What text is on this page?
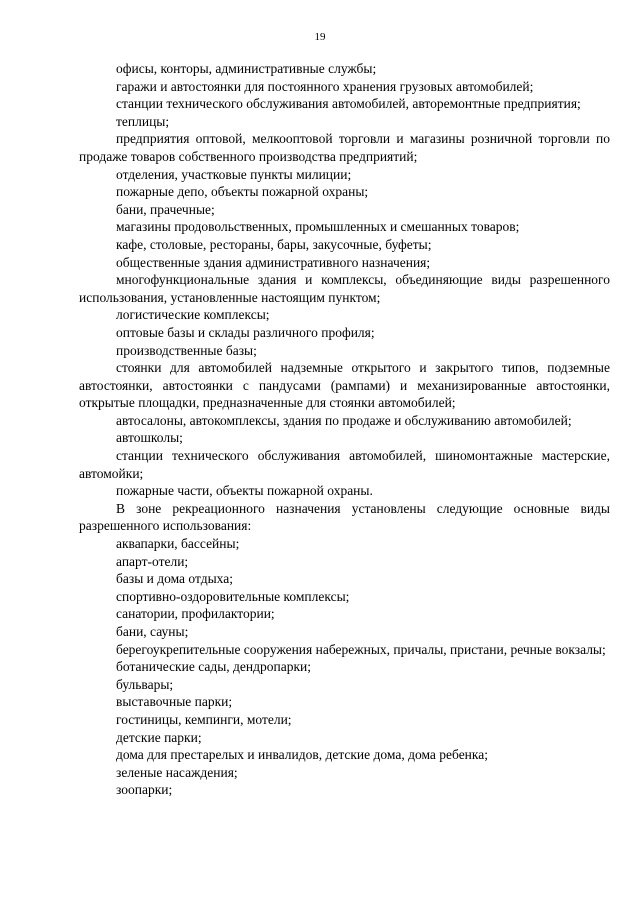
19

офисы, конторы, административные службы;

гаражи и автостоянки для постоянного хранения грузовых автомобилей;

станции технического обслуживания автомобилей, авторемонтные предприятия;

теплицы;

предприятия оптовой, мелкооптовой торговли и магазины розничной торговли по продаже товаров собственного производства предприятий;

отделения, участковые пункты милиции;

пожарные депо, объекты пожарной охраны;

бани, прачечные;

магазины продовольственных, промышленных и смешанных товаров;

кафе, столовые, рестораны, бары, закусочные, буфеты;

общественные здания административного назначения;

многофункциональные здания и комплексы, объединяющие виды разрешенного использования, установленные настоящим пунктом;

логистические комплексы;

оптовые базы и склады различного профиля;

производственные базы;

стоянки для автомобилей надземные открытого и закрытого типов, подземные автостоянки, автостоянки с пандусами (рампами) и механизированные автостоянки, открытые площадки, предназначенные для стоянки автомобилей;

автосалоны, автокомплексы, здания по продаже и обслуживанию автомобилей;

автошколы;

станции технического обслуживания автомобилей, шиномонтажные мастерские, автомойки;

пожарные части, объекты пожарной охраны.

В зоне рекреационного назначения установлены следующие основные виды разрешенного использования:

аквапарки, бассейны;

апарт-отели;

базы и дома отдыха;

спортивно-оздоровительные комплексы;

санатории, профилактории;

бани, сауны;

берегоукрепительные сооружения набережных, причалы, пристани, речные вокзалы;

ботанические сады, дендропарки;

бульвары;

выставочные парки;

гостиницы, кемпинги, мотели;

детские парки;

дома для престарелых и инвалидов, детские дома, дома ребенка;

зеленые насаждения;

зоопарки;
